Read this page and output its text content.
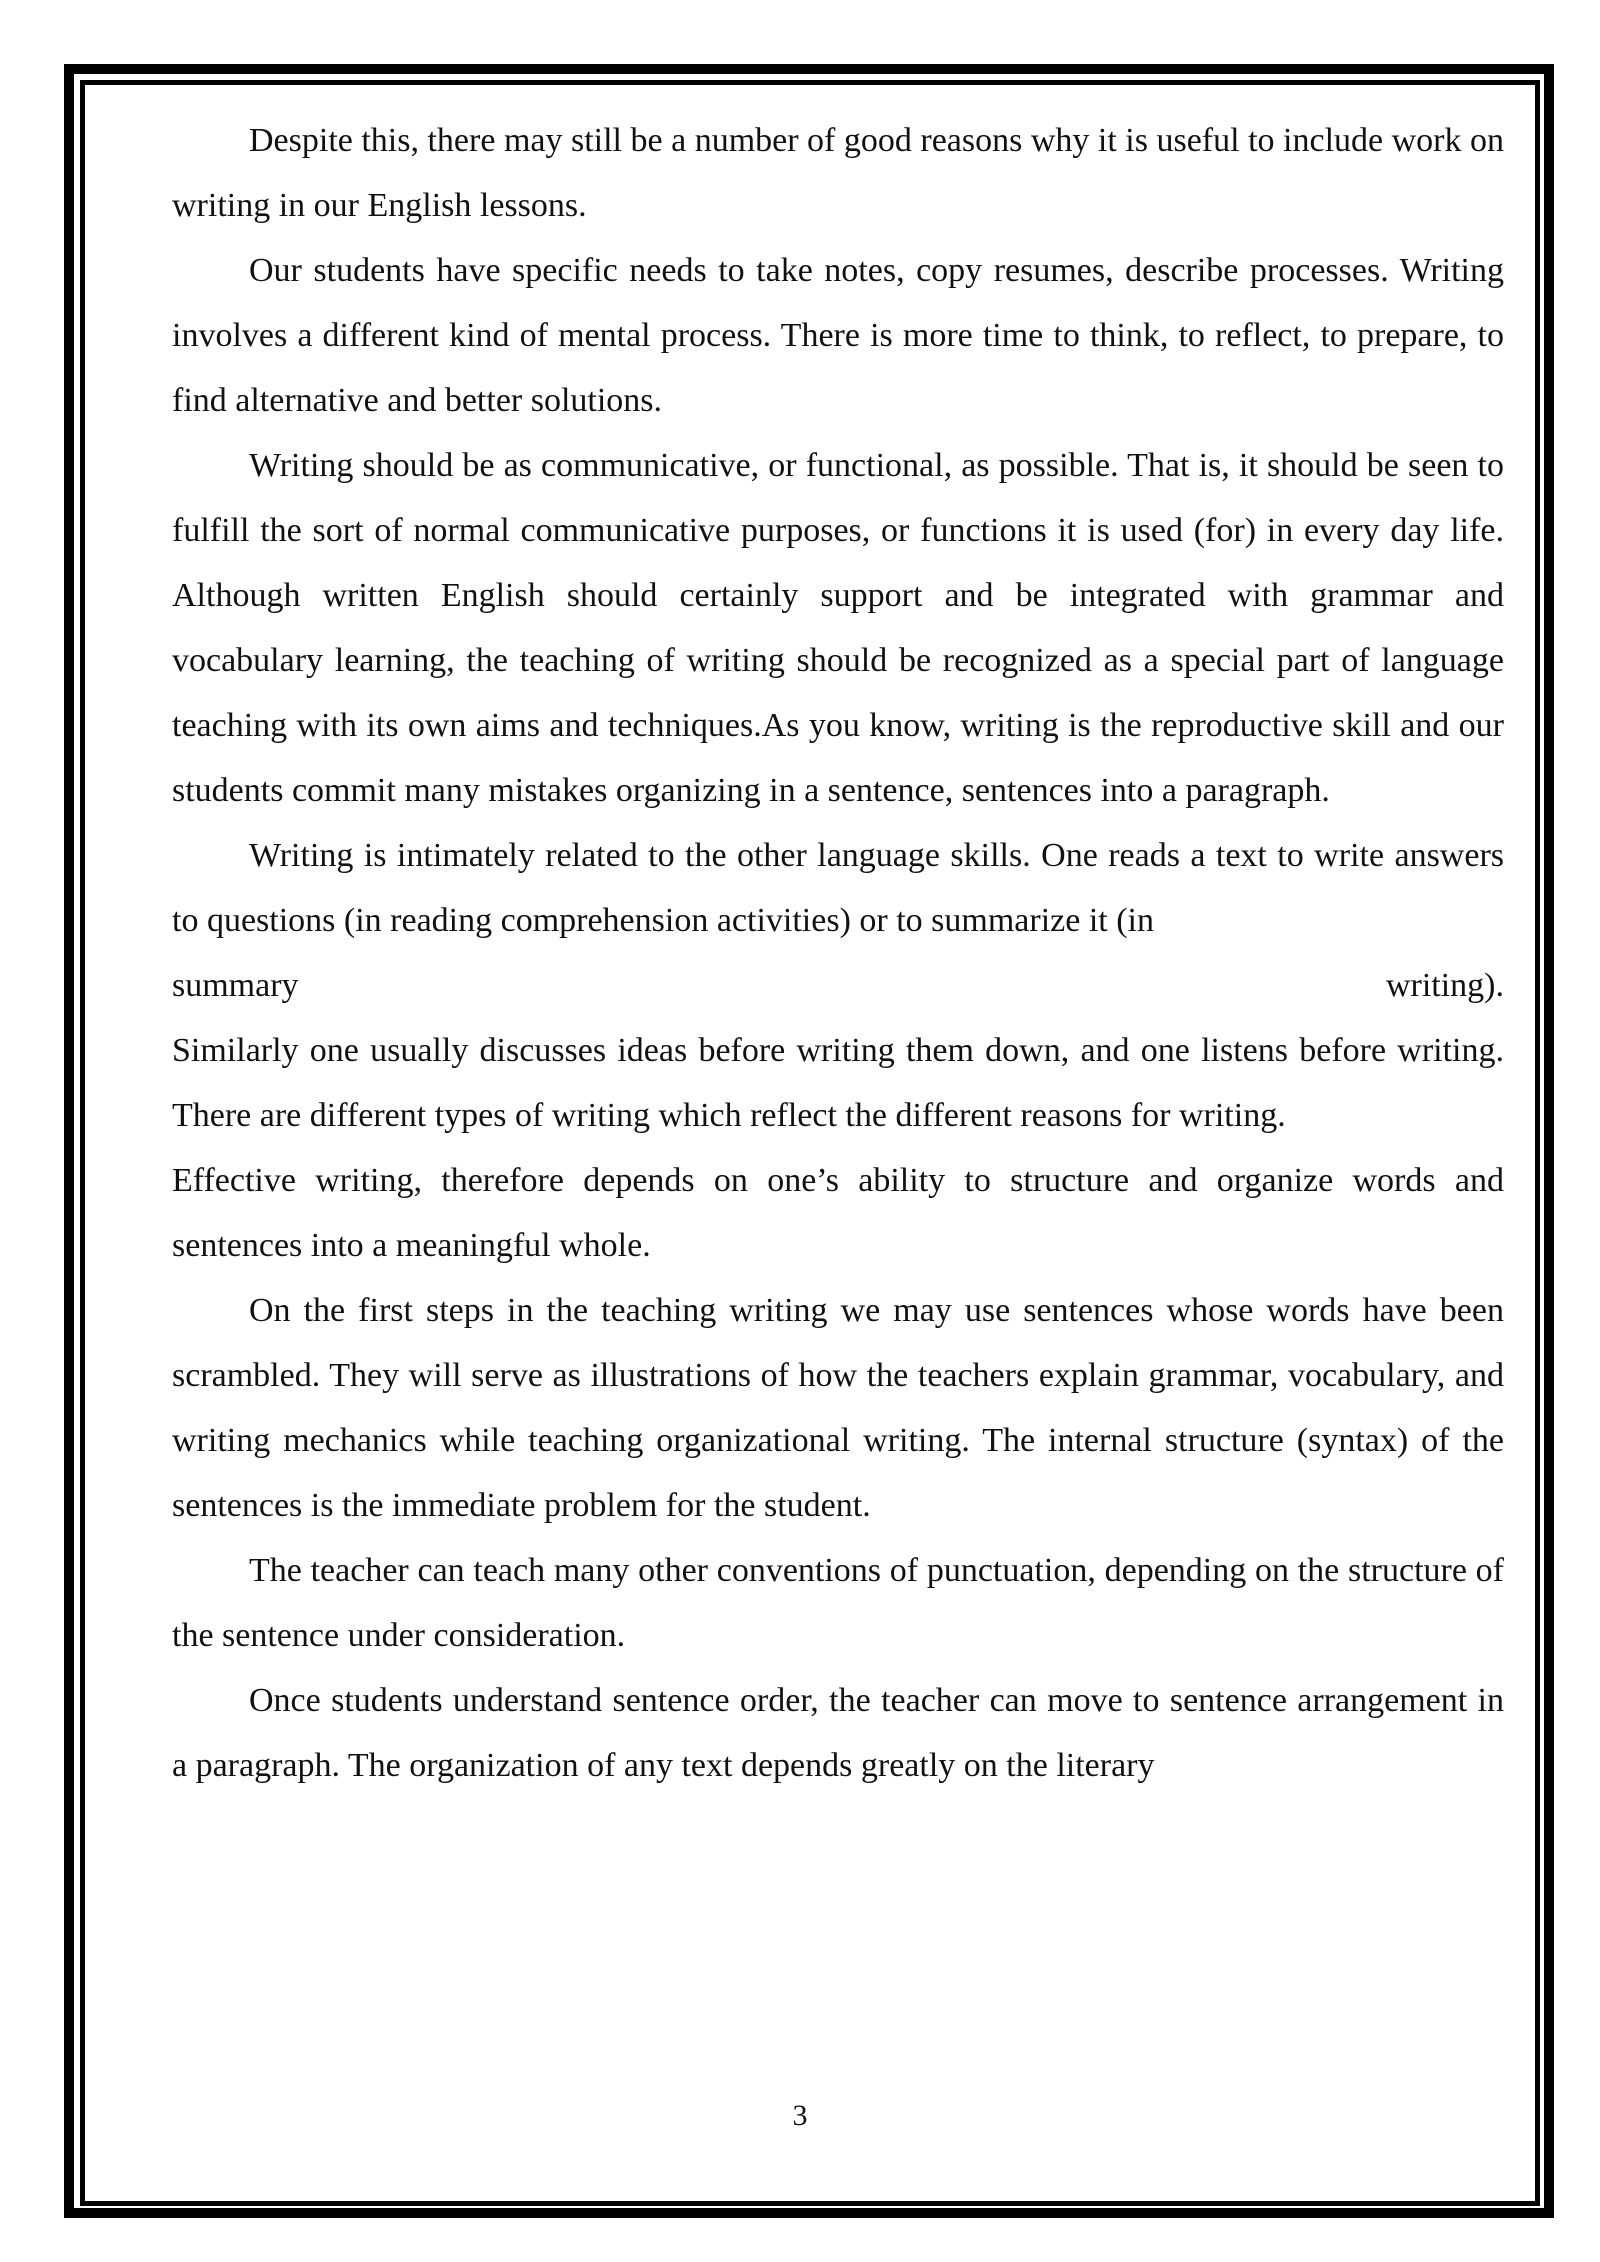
Despite this, there may still be a number of good reasons why it is useful to include work on writing in our English lessons.

Our students have specific needs to take notes, copy resumes, describe processes. Writing involves a different kind of mental process. There is more time to think, to reflect, to prepare, to find alternative and better solutions.

Writing should be as communicative, or functional, as possible. That is, it should be seen to fulfill the sort of normal communicative purposes, or functions it is used (for) in every day life. Although written English should certainly support and be integrated with grammar and vocabulary learning, the teaching of writing should be recognized as a special part of language teaching with its own aims and techniques.As you know, writing is the reproductive skill and our students commit many mistakes organizing in a sentence, sentences into a paragraph.

Writing is intimately related to the other language skills. One reads a text to write answers to questions (in reading comprehension activities) or to summarize it (in

summary	writing).

Similarly one usually discusses ideas before writing them down, and one listens before writing. There are different types of writing which reflect the different reasons for writing.

Effective writing, therefore depends on one’s ability to structure and organize words and sentences into a meaningful whole.

On the first steps in the teaching writing we may use sentences whose words have been scrambled. They will serve as illustrations of how the teachers explain grammar, vocabulary, and writing mechanics while teaching organizational writing. The internal structure (syntax) of the sentences is the immediate problem for the student.

The teacher can teach many other conventions of punctuation, depending on the structure of the sentence under consideration.

Once students understand sentence order, the teacher can move to sentence arrangement in a paragraph. The organization of any text depends greatly on the literary

3
